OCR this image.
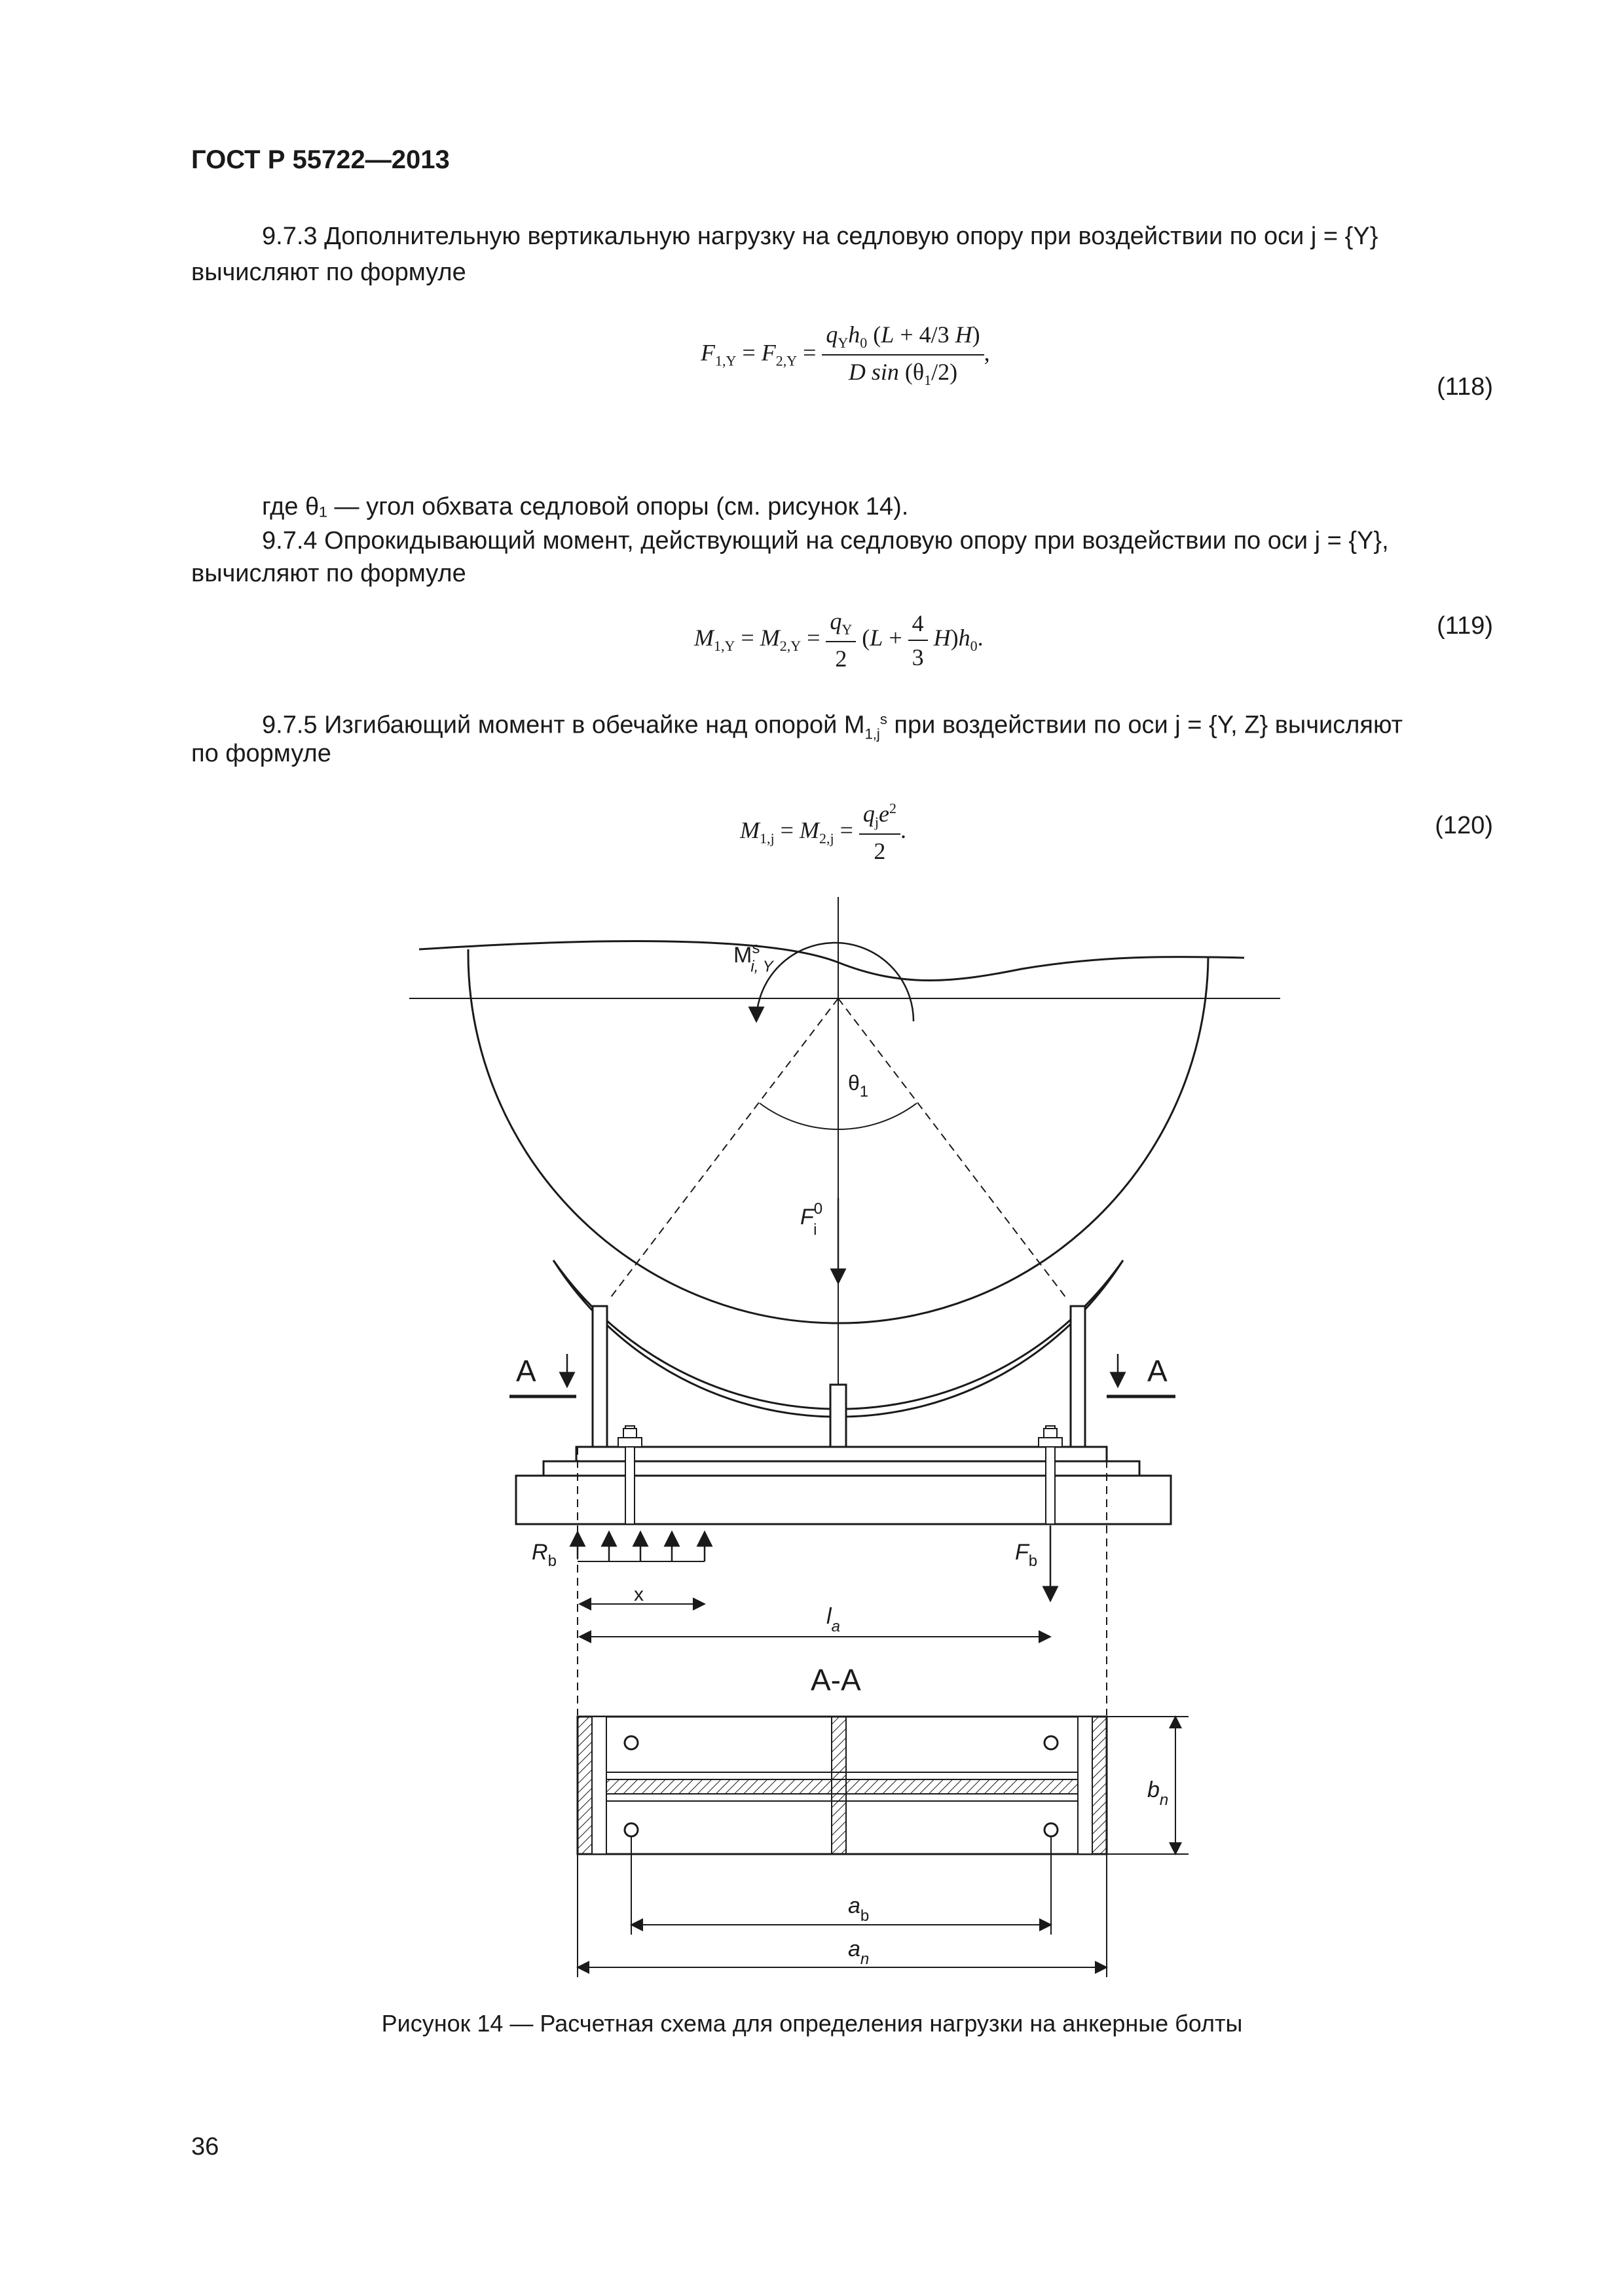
ГОСТ Р 55722—2013
9.7.3 Дополнительную вертикальную нагрузку на седловую опору при воздействии по оси j = {Y}
вычисляют по формуле
$F_{1,Y} = F_{2,Y} = \frac{q_Yh_0 (L + 4/3 H)}{D \sin (\theta_1/2)}$ ,
(118)
где θ₁ — угол обхвата седловой опоры (см. рисунок 14).
9.7.4 Опрокидывающий момент, действующий на седловую опору при воздействии по оси j = {Y},
вычисляют по формуле
$M_{1,Y} = M_{2,Y} = \frac{q_Y}{2} (L + \frac{4}{3} H)h_0$.	(119)
9.7.5 Изгибающий момент в обечайке над опорой $M_{1,j}^s$ при воздействии по оси j = {Y, Z} вычисляют
по формуле
$M_{1,j} = M_{2,j} = \frac{q_je^2}{2}$ .	(120)
$M^s$ i, Y
$\theta_1$
$F^0$ i
A	A
$R_b$	$F_b$
x
$l_a$
A-A
$b_n$
$a_b$
$a_n$
Рисунок 14 — Расчетная схема для определения нагрузки на анкерные болты
36
